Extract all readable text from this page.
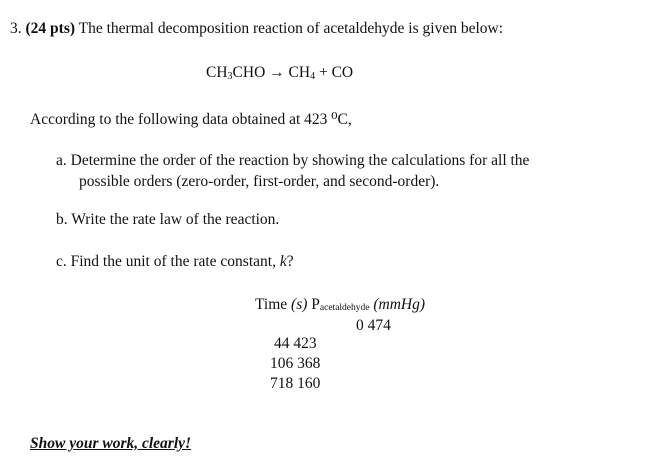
3. (24 pts) The thermal decomposition reaction of acetaldehyde is given below:
$CH_3CHO \to CH_4$ + CO
According to the following data obtained at 423 ⁰C,
a. Determine the order of the reaction by showing the calculations for all the
possible orders (zero-order, first-order, and second-order).
b. Write the rate law of the reaction.
c. Find the unit of the rate constant, k?
Time (s) Pacetaldehyde (mmHg)
0 474
44 423
106 368
718 160
Show your work, clearly!
